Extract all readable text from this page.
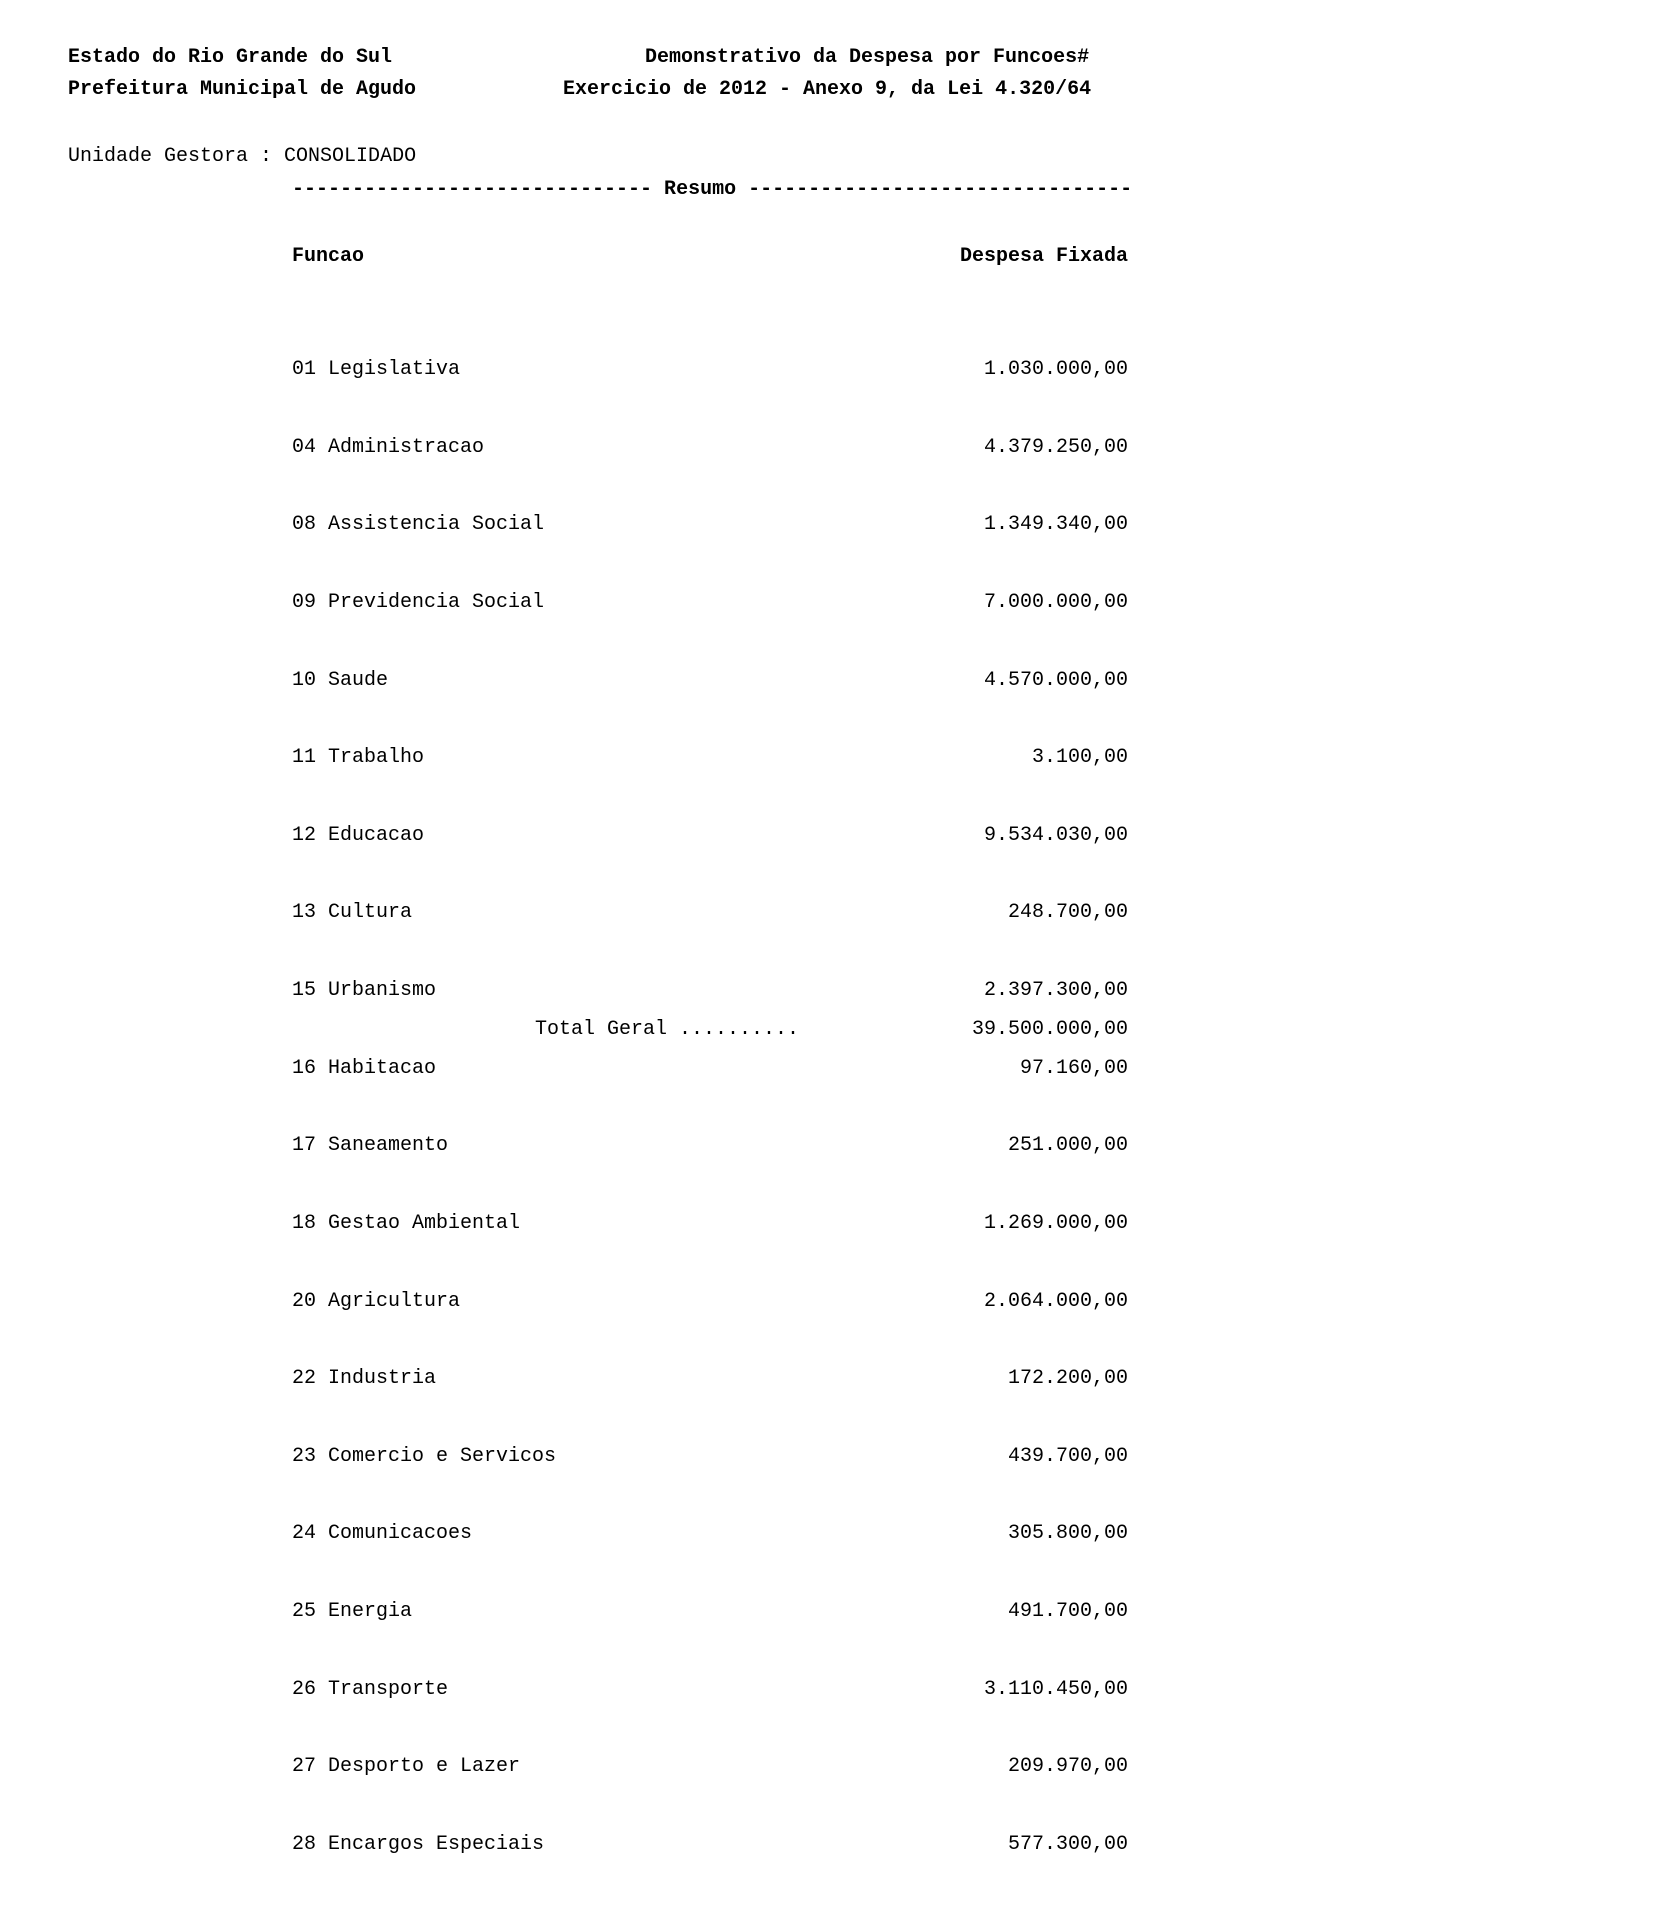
Estado do Rio Grande do Sul
Prefeitura Municipal de Agudo
Demonstrativo da Despesa por Funcoes#
Exercicio de 2012 - Anexo 9, da Lei 4.320/64
Unidade Gestora : CONSOLIDADO
------------------------------ Resumo --------------------------------
Funcao	Despesa Fixada

01 Legislativa	1.030.000,00

04 Administracao	4.379.250,00

08 Assistencia Social	1.349.340,00

09 Previdencia Social	7.000.000,00

10 Saude	4.570.000,00

11 Trabalho	3.100,00

12 Educacao	9.534.030,00

13 Cultura	248.700,00

15 Urbanismo	2.397.300,00

16 Habitacao	97.160,00

17 Saneamento	251.000,00

18 Gestao Ambiental	1.269.000,00

20 Agricultura	2.064.000,00

22 Industria	172.200,00

23 Comercio e Servicos	439.700,00

24 Comunicacoes	305.800,00

25 Energia	491.700,00

26 Transporte	3.110.450,00

27 Desporto e Lazer	209.970,00

28 Encargos Especiais	577.300,00

Total Geral ..........	39.500.000,00
